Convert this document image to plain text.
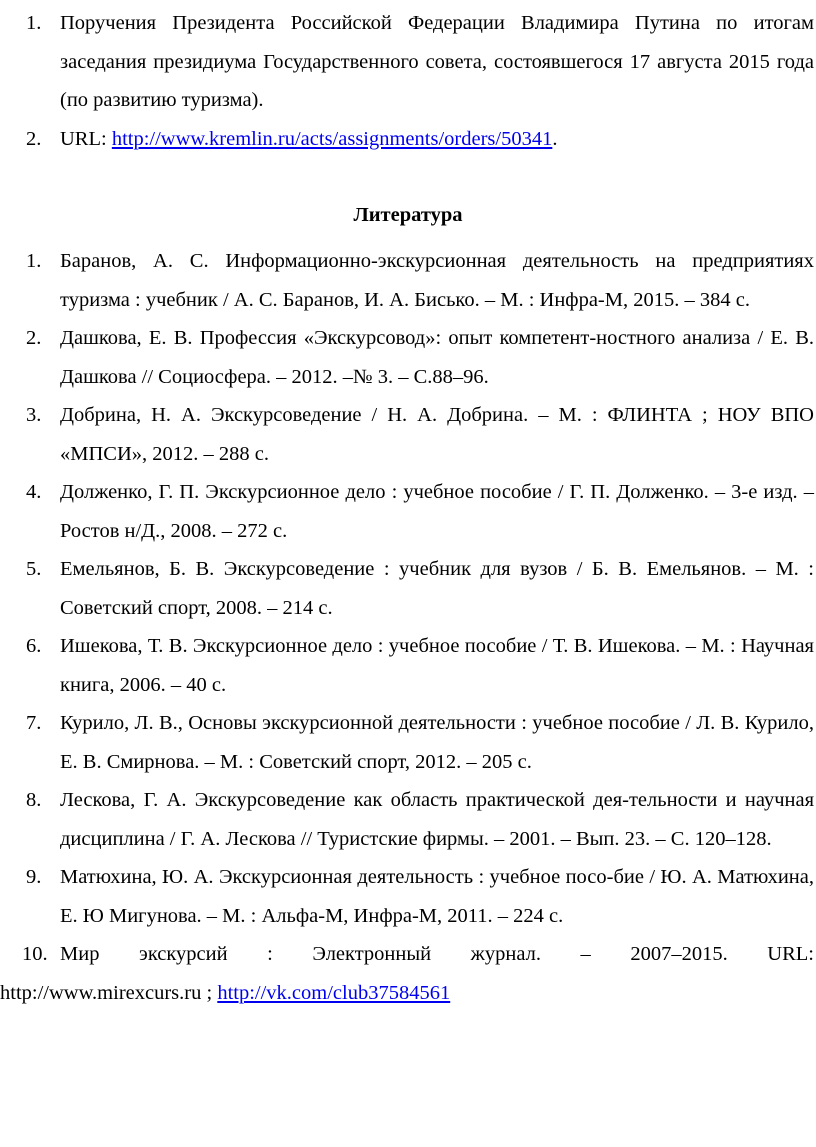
1. Поручения Президента Российской Федерации Владимира Путина по итогам заседания президиума Государственного совета, состоявшегося 17 августа 2015 года (по развитию туризма).
2. URL: http://www.kremlin.ru/acts/assignments/orders/50341.
Литература
1. Баранов, А. С. Информационно-экскурсионная деятельность на предприятиях туризма : учебник / А. С. Баранов, И. А. Бисько. – М. : Инфра-М, 2015. – 384 с.
2. Дашкова, Е. В. Профессия «Экскурсовод»: опыт компетент-ностного анализа / Е. В. Дашкова // Социосфера. – 2012. –№ 3. – С.88–96.
3. Добрина, Н. А. Экскурсоведение / Н. А. Добрина. – М. : ФЛИНТА ; НОУ ВПО «МПСИ», 2012. – 288 с.
4. Долженко, Г. П. Экскурсионное дело : учебное пособие / Г. П. Долженко. – 3-е изд. – Ростов н/Д., 2008. – 272 с.
5. Емельянов, Б. В. Экскурсоведение : учебник для вузов / Б. В. Емельянов. – М. : Советский спорт, 2008. – 214 с.
6. Ишекова, Т. В. Экскурсионное дело : учебное пособие / Т. В. Ишекова. – М. : Научная книга, 2006. – 40 с.
7. Курило, Л. В., Основы экскурсионной деятельности : учебное пособие / Л. В. Курило, Е. В. Смирнова. – М. : Советский спорт, 2012. – 205 с.
8. Лескова, Г. А. Экскурсоведение как область практической дея-тельности и научная дисциплина / Г. А. Лескова // Туристские фирмы. – 2001. – Вып. 23. – С. 120–128.
9. Матюхина, Ю. А. Экскурсионная деятельность : учебное посо-бие / Ю. А. Матюхина, Е. Ю Мигунова. – М. : Альфа-М, Инфра-М, 2011. – 224 с.
10. Мир экскурсий : Электронный журнал. – 2007–2015. URL:
http://www.mirexcurs.ru ; http://vk.com/club37584561
